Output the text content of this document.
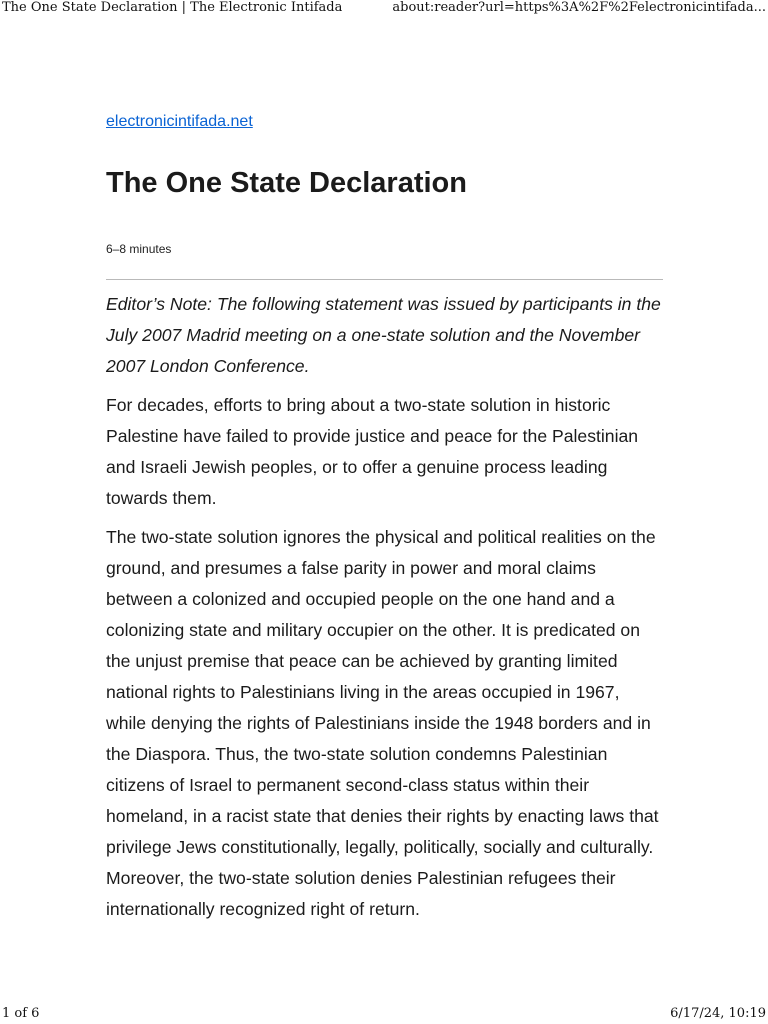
The One State Declaration | The Electronic Intifada	about:reader?url=https%3A%2F%2Felectronicintifada...
electronicintifada.net
The One State Declaration
6–8 minutes

Editor’s Note: The following statement was issued by participants in the July 2007 Madrid meeting on a one-state solution and the November 2007 London Conference.

For decades, efforts to bring about a two-state solution in historic Palestine have failed to provide justice and peace for the Palestinian and Israeli Jewish peoples, or to offer a genuine process leading towards them.

The two-state solution ignores the physical and political realities on the ground, and presumes a false parity in power and moral claims between a colonized and occupied people on the one hand and a colonizing state and military occupier on the other. It is predicated on the unjust premise that peace can be achieved by granting limited national rights to Palestinians living in the areas occupied in 1967, while denying the rights of Palestinians inside the 1948 borders and in the Diaspora. Thus, the two-state solution condemns Palestinian citizens of Israel to permanent second-class status within their homeland, in a racist state that denies their rights by enacting laws that privilege Jews constitutionally, legally, politically, socially and culturally. Moreover, the two-state solution denies Palestinian refugees their internationally recognized right of return.

1 of 6	6/17/24, 10:19
